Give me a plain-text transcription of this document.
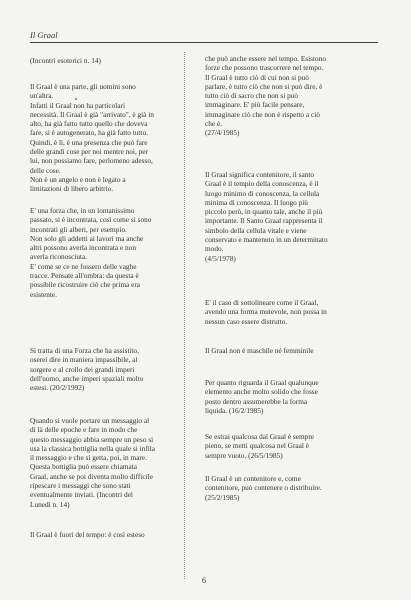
Il Graal
(Incontri esoterici n. 14)
Il Graal è una parte, gli uomini sono
un'altra.
Infatti il Graal non ha particolari
necessità. Il Graal è già "arrivato", è già in
alto, ha già fatto tutto quello che doveva
fare, si è autogenerato, ha già fatto tutto.
Quindi, è lì, è una presenza che può fare
delle grandi cose per noi mentre noi, per
lui, non possiamo fare, perlomeno adesso,
delle cose.
Non è un angelo e non è legato a
limitazioni di libero arbitrio.
E' una forza che, in un lontanissimo
passato, si è incontrata, così come si sono
incontrati gli alberi, per esempio.
Non solo gli addetti ai lavori ma anche
altri possono averla incontrata e non
averla riconosciuta.
E' come se ce ne fossero delle vaghe
tracce. Pensate all'ombra: da questa è
possibile ricostruire ciò che prima era
esistente.
Si tratta di una Forza che ha assistito,
oserei dire in maniera impassibile, al
sorgere e al crollo dei grandi imperi
dell'uomo, anche imperi spaziali molto
estesi. (20/2/1992)
Quando si vuole portare un messaggio al
di là delle epoche e fare in modo che
questo messaggio abbia sempre un peso si
usa la classica bottiglia nella quale si infila
il messaggio e che si getta, poi, in mare.
Questa bottiglia può essere chiamata
Graal, anche se poi diventa molto difficile
ripescare i messaggi che sono stati
eventualmente inviati. (Incontri del
Lunedì n. 14)
Il Graal è fuori del tempo: è così esteso
che può anche essere nel tempo. Esistono
forze che possono trascorrere nel tempo.
Il Graal è tutto ciò di cui non si può
parlare, è tutto ciò che non si può dire, è
tutto ciò di sacro che non si può
immaginare. E' più facile pensare,
immaginare ciò che non è rispetto a ciò
che è.
(27/4/1985)
Il Graal significa contenitore, il santo
Graal è il tempio della conoscenza, è il
luogo minimo di conoscenza, la cellula
minima di conoscenza. Il luogo più
piccolo però, in quanto tale, anche il più
importante. Il Santo Graal rappresenta il
simbolo della cellula vitale e viene
conservato e mantenuto in un determinato
modo.
(4/5/1978)
E' il caso di sottolineare come il Graal,
avendo una forma mutevole, non possa in
nessun caso essere distrutto.
Il Graal non è maschile né femminile
Per quanto riguarda il Graal qualunque
elemento anche molto solido che fosse
posto dentro assumerebbe la forma
liquida. (16/2/1985)
Se estrai qualcosa dal Graal è sempre
pieno, se metti qualcosa nel Graal è
sempre vuoto. (26/5/1985)
Il Graal è un contenitore e, come
contenitore, può contenere o distribuire.
(25/2/1985)
6
